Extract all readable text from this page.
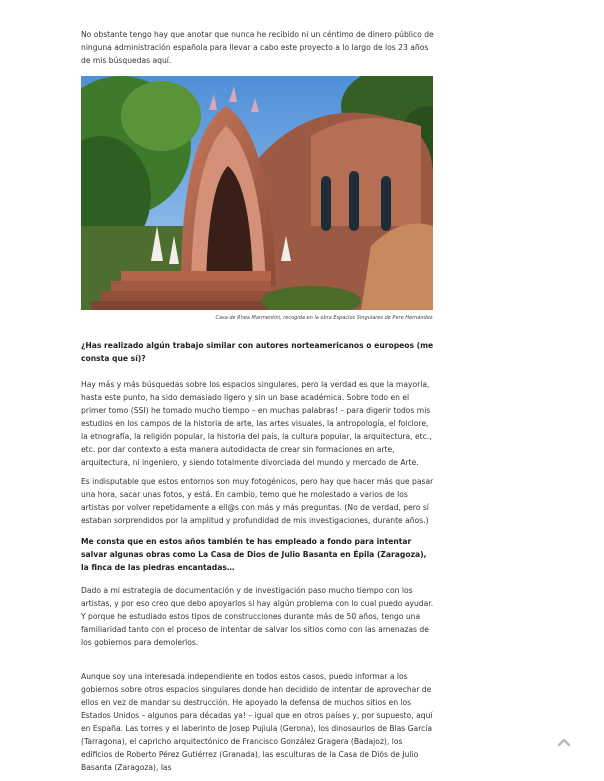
No obstante tengo hay que anotar que nunca he recibido ni un céntimo de dinero público de ninguna administración española para llevar a cabo este proyecto a lo largo de los 23 años de mis búsquedas aquí.

Casa de Rhea Marmentini, recogida en la obra Espacios Singulares de Pere Hernández.

¿Has realizado algún trabajo similar con autores norteamericanos o europeos (me consta que sí)?

Hay más y más búsquedas sobre los espacios singulares, pero la verdad es que la mayoría, hasta este punto, ha sido demasiado ligero y sin un base académica. Sobre todo en el primer tomo (SSI) he tomado mucho tiempo – en muchas palabras! – para digerir todos mis estudios en los campos de la historia de arte, las artes visuales, la antropología, el folclore, la etnografía, la religión popular, la historia del país, la cultura popular, la arquitectura, etc., etc. por dar contexto a esta manera autodidacta de crear sin formaciones en arte, arquitectura, ni ingeniero, y siendo totalmente divorciada del mundo y mercado de Arte.

Es indisputable que estos entornos son muy fotogénicos, pero hay que hacer más que pasar una hora, sacar unas fotos, y está. En cambio, temo que he molestado a varios de los artistas por volver repetidamente a ell@s con más y más preguntas. (No de verdad, pero sí estaban sorprendidos por la amplitud y profundidad de mis investigaciones, durante años.)

Me consta que en estos años también te has empleado a fondo para intentar salvar algunas obras como La Casa de Dios de Julio Basanta en Épila (Zaragoza), la finca de las piedras encantadas…

Dado a mi estrategia de documentación y de investigación paso mucho tiempo con los artistas, y por eso creo que debo apoyarlos si hay algún problema con lo cual puedo ayudar. Y porque he estudiado estos tipos de construcciones durante más de 50 años, tengo una familiaridad tanto con el proceso de intentar de salvar los sitios como con las amenazas de los gobiernos para demolerlos.

Aunque soy una interesada independiente en todos estos casos, puedo informar a los gobiernos sobre otros espacios singulares donde han decidido de intentar de aprovechar de ellos en vez de mandar su destrucción. He apoyado la defensa de muchos sitios en los Estados Unidos – algunos para décadas ya! – igual que en otros países y, por supuesto, aquí en España. Las torres y el laberinto de Josep Pujiula (Gerona), los dinosaurios de Blas García (Tarragona), el capricho arquitectónico de Francisco González Gragera (Badajoz), los edificios de Roberto Pérez Gutiérrez (Granada), las esculturas de la Casa de Diós de Julio Basanta (Zaragoza), las
